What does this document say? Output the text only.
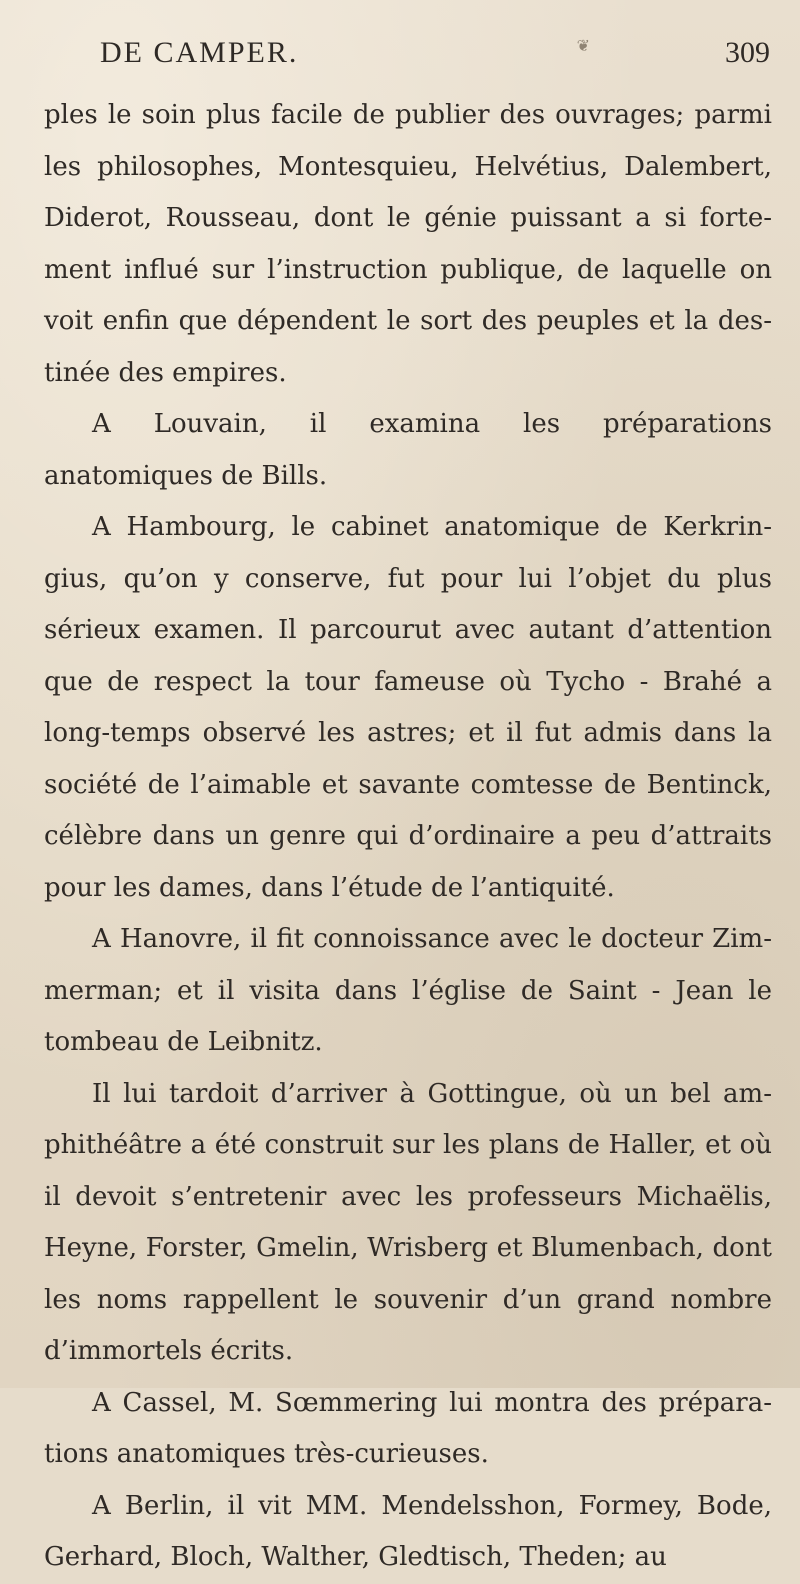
❦
DE CAMPER.	309

ples le soin plus facile de publier des ouvrages; parmi les philosophes, Montesquieu, Helvétius, Dalembert, Diderot, Rousseau, dont le génie puissant a si forte- ment influé sur l’instruction publique, de laquelle on voit enfin que dépendent le sort des peuples et la des- tinée des empires.

A Louvain, il examina les préparations anatomiques de Bills.

A Hambourg, le cabinet anatomique de Kerkrin- gius, qu’on y conserve, fut pour lui l’objet du plus sérieux examen. Il parcourut avec autant d’attention que de respect la tour fameuse où Tycho - Brahé a long-temps observé les astres; et il fut admis dans la société de l’aimable et savante comtesse de Bentinck, célèbre dans un genre qui d’ordinaire a peu d’attraits pour les dames, dans l’étude de l’antiquité.

A Hanovre, il fit connoissance avec le docteur Zim- merman; et il visita dans l’église de Saint - Jean le tombeau de Leibnitz.

Il lui tardoit d’arriver à Gottingue, où un bel am- phithéâtre a été construit sur les plans de Haller, et où il devoit s’entretenir avec les professeurs Michaëlis, Heyne, Forster, Gmelin, Wrisberg et Blumenbach, dont les noms rappellent le souvenir d’un grand nombre d’immortels écrits.

A Cassel, M. Sœmmering lui montra des prépara- tions anatomiques très-curieuses.

A Berlin, il vit MM. Mendelsshon, Formey, Bode, Gerhard, Bloch, Walther, Gledtisch, Theden; au
